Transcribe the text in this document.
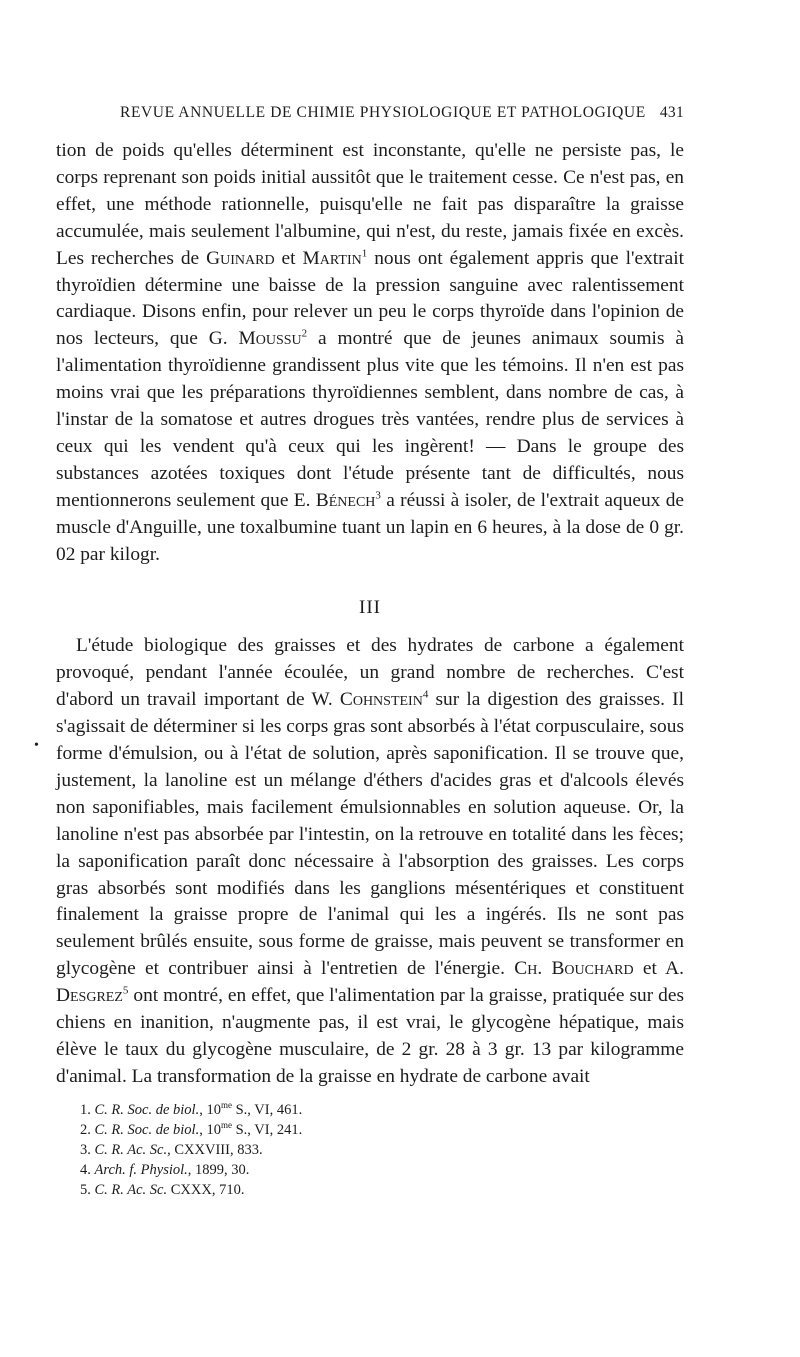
REVUE ANNUELLE DE CHIMIE PHYSIOLOGIQUE ET PATHOLOGIQUE 431
•

tion de poids qu'elles déterminent est inconstante, qu'elle ne persiste pas, le corps reprenant son poids initial aussitôt que le traitement cesse. Ce n'est pas, en effet, une méthode rationnelle, puisqu'elle ne fait pas disparaître la graisse accumulée, mais seulement l'albumine, qui n'est, du reste, jamais fixée en excès. Les recherches de Guinard et Martin$^1$ nous ont également appris que l'extrait thyroïdien détermine une baisse de la pression sanguine avec ralentissement cardiaque. Disons enfin, pour relever un peu le corps thyroïde dans l'opinion de nos lecteurs, que G. Moussu$^2$ a montré que de jeunes animaux soumis à l'alimentation thyroïdienne grandissent plus vite que les témoins. Il n'en est pas moins vrai que les préparations thyroïdiennes semblent, dans nombre de cas, à l'instar de la somatose et autres drogues très vantées, rendre plus de services à ceux qui les vendent qu'à ceux qui les ingèrent! — Dans le groupe des substances azotées toxiques dont l'étude présente tant de difficultés, nous mentionnerons seulement que E. Bénech$^3$ a réussi à isoler, de l'extrait aqueux de muscle d'Anguille, une toxalbumine tuant un lapin en 6 heures, à la dose de 0 gr. 02 par kilogr.

III

L'étude biologique des graisses et des hydrates de carbone a également provoqué, pendant l'année écoulée, un grand nombre de recherches. C'est d'abord un travail important de W. Cohnstein$^4$ sur la digestion des graisses. Il s'agissait de déterminer si les corps gras sont absorbés à l'état corpusculaire, sous forme d'émulsion, ou à l'état de solution, après saponification. Il se trouve que, justement, la lanoline est un mélange d'éthers d'acides gras et d'alcools élevés non saponifiables, mais facilement émulsionnables en solution aqueuse. Or, la lanoline n'est pas absorbée par l'intestin, on la retrouve en totalité dans les fèces; la saponification paraît donc nécessaire à l'absorption des graisses. Les corps gras absorbés sont modifiés dans les ganglions mésentériques et constituent finalement la graisse propre de l'animal qui les a ingérés. Ils ne sont pas seulement brûlés ensuite, sous forme de graisse, mais peuvent se transformer en glycogène et contribuer ainsi à l'entretien de l'énergie. Ch. Bouchard et A. Desgrez$^5$ ont montré, en effet, que l'alimentation par la graisse, pratiquée sur des chiens en inanition, n'augmente pas, il est vrai, le glycogène hépatique, mais élève le taux du glycogène musculaire, de 2 gr. 28 à 3 gr. 13 par kilogramme d'animal. La transformation de la graisse en hydrate de carbone avait

1. C. R. Soc. de biol., $10^{me}$ S., VI, 461.
2. C. R. Soc. de biol., $10^{me}$ S., VI, 241.
3. C. R. Ac. Sc., CXXVIII, 833.
4. Arch. f. Physiol., 1899, 30.
5. C. R. Ac. Sc. CXXX, 710.
